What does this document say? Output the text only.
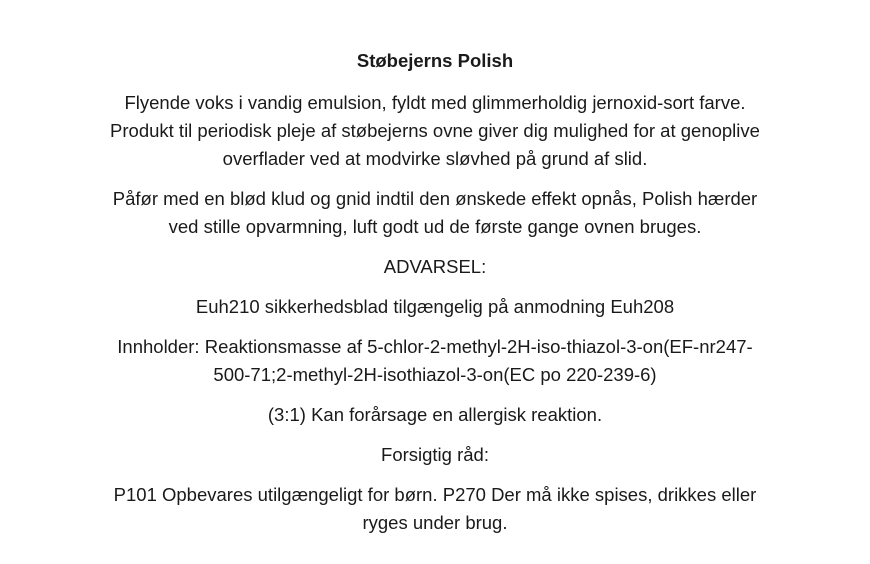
Støbejerns Polish

Flyende voks i vandig emulsion, fyldt med glimmerholdig jernoxid-sort farve.
Produkt til periodisk pleje af støbejerns ovne giver dig mulighed for at genoplive
overflader ved at modvirke sløvhed på grund af slid.

Påfør med en blød klud og gnid indtil den ønskede effekt opnås, Polish hærder
ved stille opvarmning, luft godt ud de første gange ovnen bruges.

ADVARSEL:

Euh210 sikkerhedsblad tilgængelig på anmodning Euh208

Innholder: Reaktionsmasse af 5-chlor-2-methyl-2H-iso-thiazol-3-on(EF-nr247-
500-71;2-methyl-2H-isothiazol-3-on(EC po 220-239-6)

(3:1) Kan forårsage en allergisk reaktion.

Forsigtig råd:

P101 Opbevares utilgængeligt for børn. P270 Der må ikke spises, drikkes eller
ryges under brug.
